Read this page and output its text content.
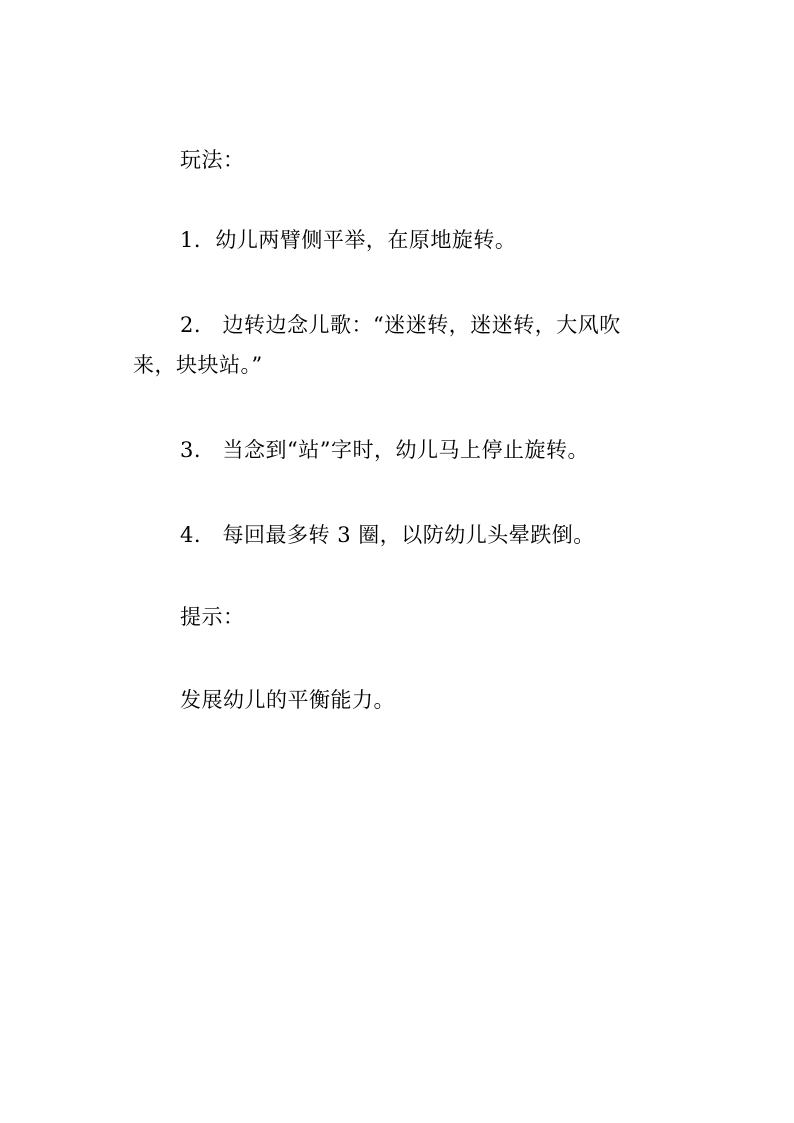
玩法：

1．幼儿两臂侧平举，在原地旋转。

2.　边转边念儿歌：“迷迷转，迷迷转，大风吹来，块块站。”

3.　当念到“站”字时，幼儿马上停止旋转。

4.　每回最多转 3 圈，以防幼儿头晕跌倒。

提示：

发展幼儿的平衡能力。
